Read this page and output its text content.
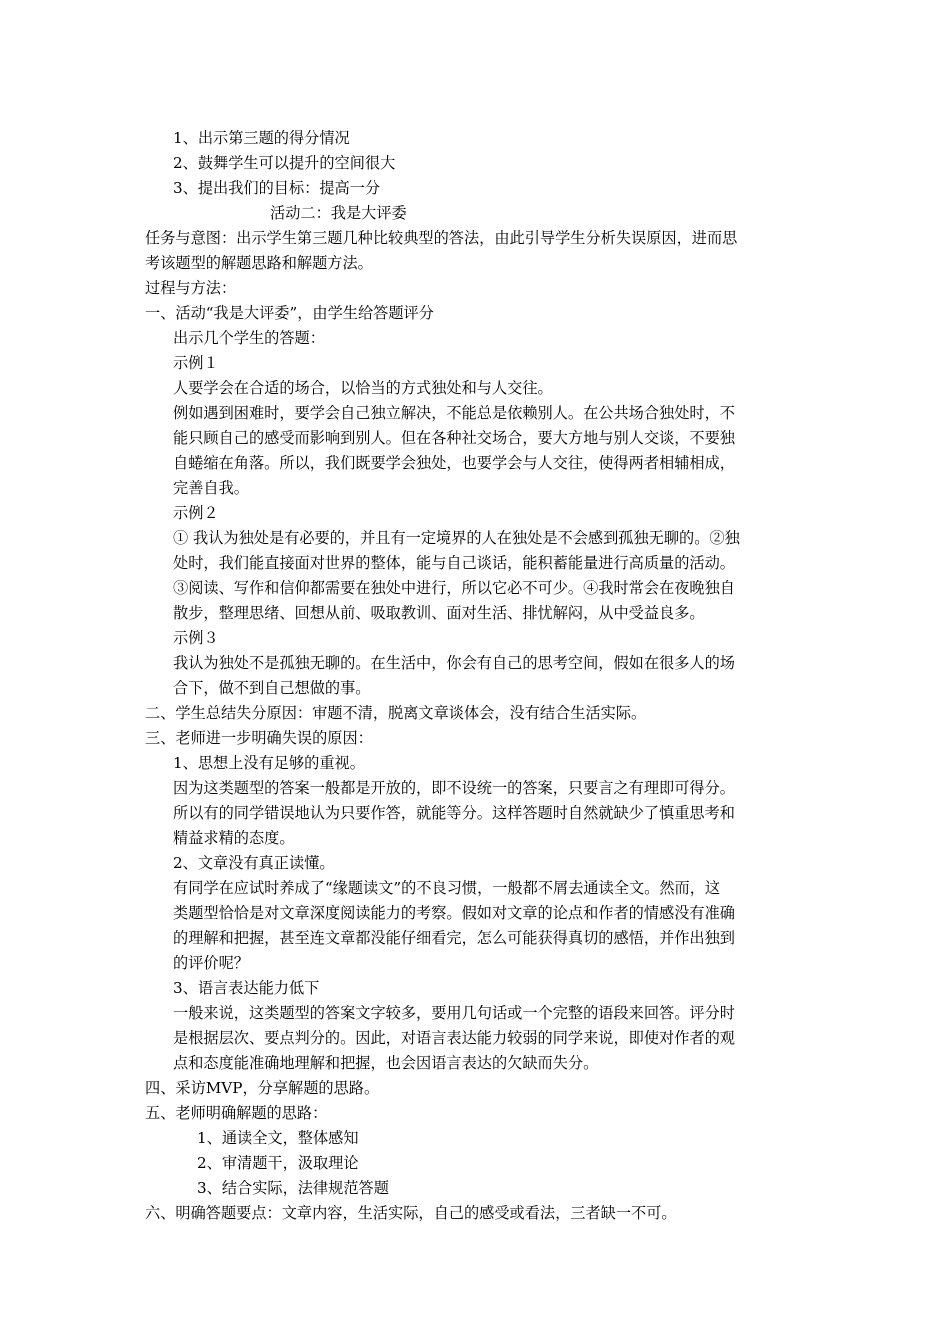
1、出示第三题的得分情况
2、鼓舞学生可以提升的空间很大
3、提出我们的目标：提高一分
活动二：我是大评委
任务与意图：出示学生第三题几种比较典型的答法，由此引导学生分析失误原因，进而思
考该题型的解题思路和解题方法。
过程与方法：
一、活动“我是大评委”，由学生给答题评分
出示几个学生的答题：
示例１
人要学会在合适的场合，以恰当的方式独处和与人交往。
例如遇到困难时，要学会自己独立解决，不能总是依赖别人。在公共场合独处时，不
能只顾自己的感受而影响到别人。但在各种社交场合，要大方地与别人交谈，不要独
自蜷缩在角落。所以，我们既要学会独处，也要学会与人交往，使得两者相辅相成，
完善自我。
示例２
① 我认为独处是有必要的，并且有一定境界的人在独处是不会感到孤独无聊的。②独
处时，我们能直接面对世界的整体，能与自己谈话，能积蓄能量进行高质量的活动。
③阅读、写作和信仰都需要在独处中进行，所以它必不可少。④我时常会在夜晚独自
散步，整理思绪、回想从前、吸取教训、面对生活、排忧解闷，从中受益良多。
示例３
我认为独处不是孤独无聊的。在生活中，你会有自己的思考空间，假如在很多人的场
合下，做不到自己想做的事。
二、学生总结失分原因：审题不清，脱离文章谈体会，没有结合生活实际。
三、老师进一步明确失误的原因：
1、思想上没有足够的重视。
因为这类题型的答案一般都是开放的，即不设统一的答案，只要言之有理即可得分。
所以有的同学错误地认为只要作答，就能等分。这样答题时自然就缺少了慎重思考和
精益求精的态度。
2、文章没有真正读懂。
有同学在应试时养成了“缘题读文”的不良习惯，一般都不屑去通读全文。然而，这
类题型恰恰是对文章深度阅读能力的考察。假如对文章的论点和作者的情感没有准确
的理解和把握，甚至连文章都没能仔细看完，怎么可能获得真切的感悟，并作出独到
的评价呢？
3、语言表达能力低下
一般来说，这类题型的答案文字较多，要用几句话或一个完整的语段来回答。评分时
是根据层次、要点判分的。因此，对语言表达能力较弱的同学来说，即使对作者的观
点和态度能准确地理解和把握，也会因语言表达的欠缺而失分。
四、采访MVP，分享解题的思路。
五、老师明确解题的思路：
1、通读全文，整体感知
2、审清题干，汲取理论
3、结合实际，法律规范答题
六、明确答题要点：文章内容，生活实际，自己的感受或看法，三者缺一不可。
